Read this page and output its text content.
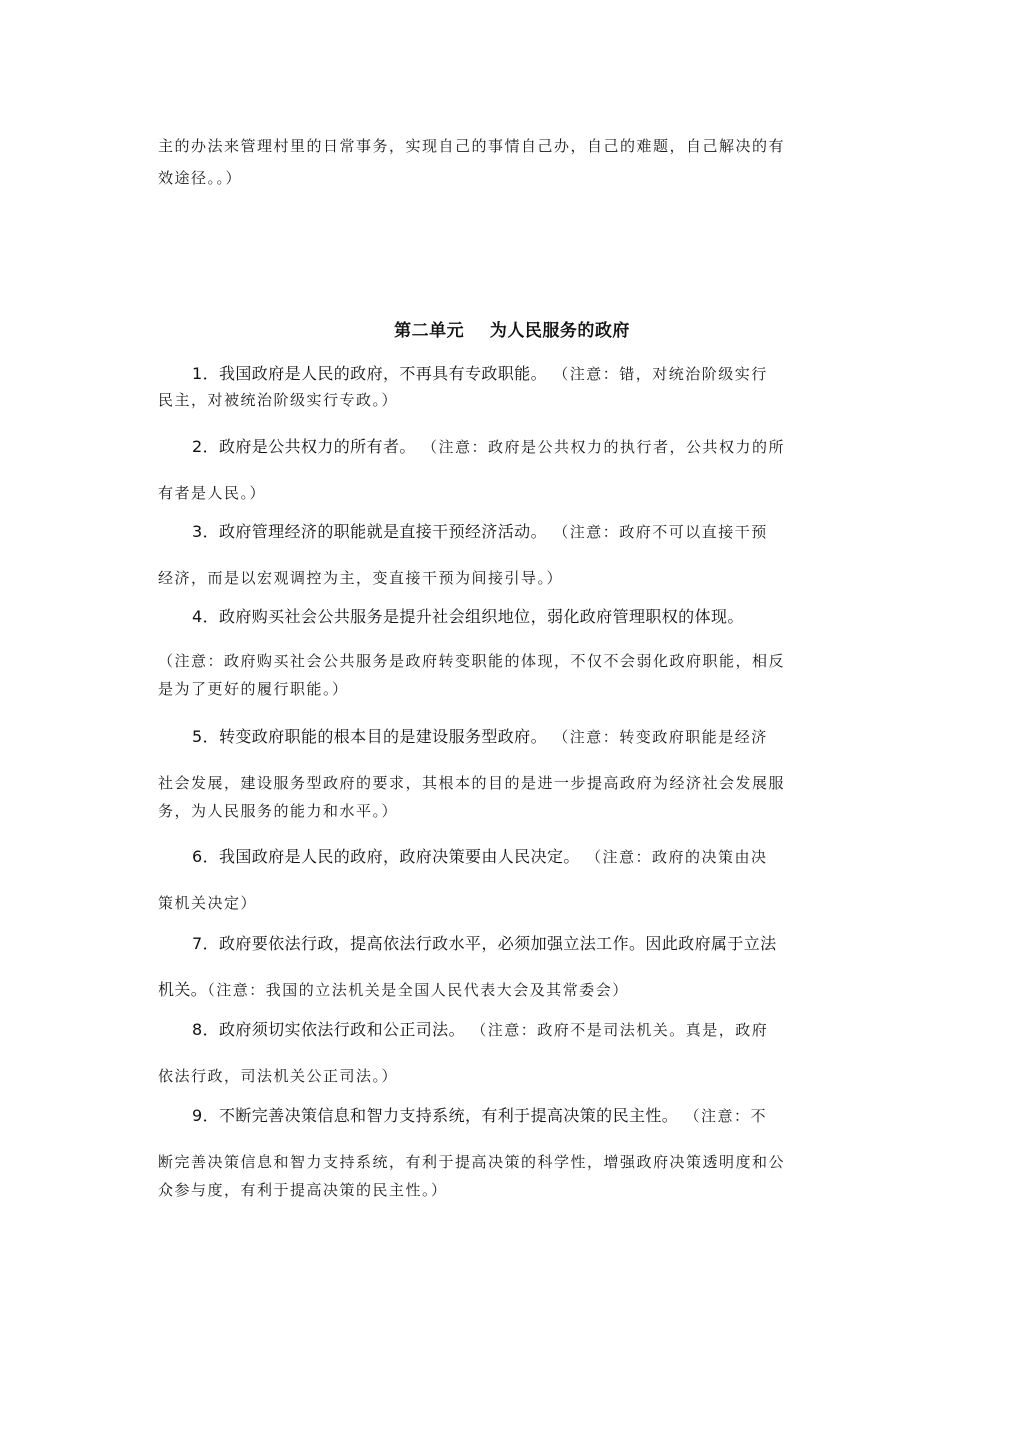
主的办法来管理村里的日常事务，实现自己的事情自己办，自己的难题，自己解决的有
效途径。。）
第二单元    为人民服务的政府
1．我国政府是人民的政府，不再具有专政职能。 （注意：错，对统治阶级实行
民主，对被统治阶级实行专政。）
2．政府是公共权力的所有者。 （注意：政府是公共权力的执行者，公共权力的所
有者是人民。）
3．政府管理经济的职能就是直接干预经济活动。 （注意：政府不可以直接干预
经济，而是以宏观调控为主，变直接干预为间接引导。）
4．政府购买社会公共服务是提升社会组织地位，弱化政府管理职权的体现。
（注意：政府购买社会公共服务是政府转变职能的体现，不仅不会弱化政府职能，相反
是为了更好的履行职能。）
5．转变政府职能的根本目的是建设服务型政府。 （注意：转变政府职能是经济
社会发展，建设服务型政府的要求，其根本的目的是进一步提高政府为经济社会发展服
务，为人民服务的能力和水平。）
6．我国政府是人民的政府，政府决策要由人民决定。 （注意：政府的决策由决
策机关决定）
7．政府要依法行政，提高依法行政水平，必须加强立法工作。因此政府属于立法
机关。（注意：我国的立法机关是全国人民代表大会及其常委会）
8．政府须切实依法行政和公正司法。 （注意：政府不是司法机关。真是，政府
依法行政，司法机关公正司法。）
9．不断完善决策信息和智力支持系统，有利于提高决策的民主性。 （注意：不
断完善决策信息和智力支持系统，有利于提高决策的科学性，增强政府决策透明度和公
众参与度，有利于提高决策的民主性。）
